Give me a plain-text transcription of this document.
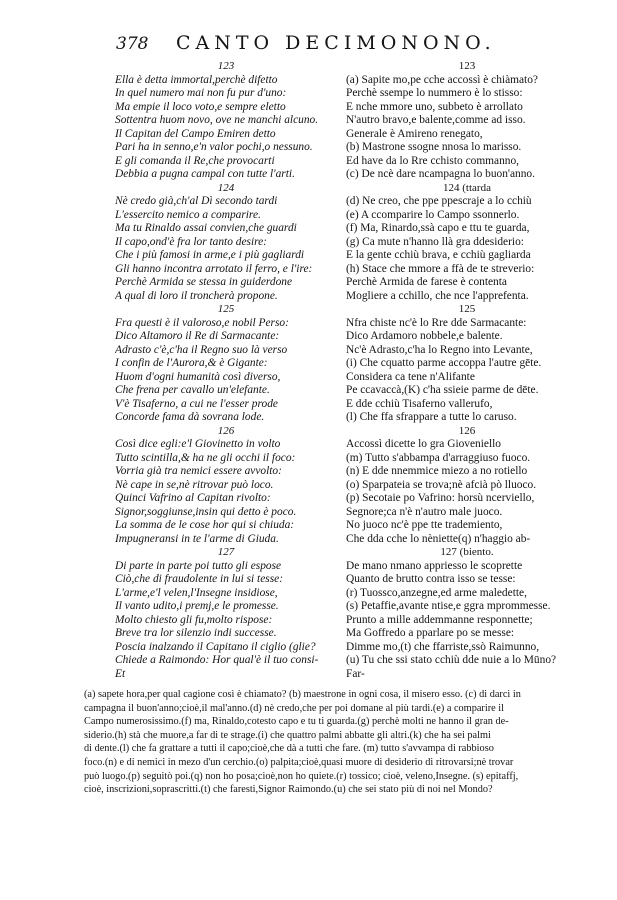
378 CANTO DECIMONONO.
123
Ella è detta immortal,perchè difetto
In quel numero mai non fu pur d'uno:
Ma empie il loco voto,e sempre eletto
Sottentra huom novo, ove ne manchi alcuno.
Il Capitan del Campo Emiren detto
Pari ha in senno,e'n valor pochi,o nessuno.
E gli comanda il Re,che provocarti
Debbia a pugna campal con tutte l'arti.
124
Nè credo già,ch'al Dì secondo tardi
L'essercito nemico a comparire.
Ma tu Rinaldo assai convien,che guardi
Il capo,ond'è fra lor tanto desire:
Che i più famosi in arme,e i più gagliardi
Gli hanno incontra arrotato il ferro, e l'ire:
Perchè Armida se stessa in guiderdone
A qual di loro il troncherà propone.
125
Fra questi è il valoroso,e nobil Perso:
Dico Altamoro il Re di Sarmacante:
Adrasto c'è,c'ha il Regno suo là verso
I confin de l'Aurora,& è Gigante:
Huom d'ogni humanità così diverso,
Che frena per cavallo un'elefante.
V'è Tisaferno, a cui ne l'esser prode
Concorde fama dà sovrana lode.
126
Così dice egli:e'l Giovinetto in volto
Tutto scintilla,& ha ne gli occhi il foco:
Vorria già tra nemici essere avvolto:
Nè cape in se,nè ritrovar può loco.
Quinci Vafrino al Capitan rivolto:
Signor,soggiunse,insin qui detto è poco.
La somma de le cose hor qui si chiuda:
Impugneransi in te l'arme di Giuda.
127
Di parte in parte poi tutto gli espose
Ciò,che di fraudolente in lui si tesse:
L'arme,e'l velen,l'Insegne insidiose,
Il vanto udito,i premj,e le promesse.
Molto chiesto gli fu,molto rispose:
Breve tra lor silenzio indi successe.
Poscia inalzando il Capitano il ciglio (glie?
Chiede a Raimondo: Hor qual'è il tuo consi-
Et
123
(a) Sapite mo,pe cche accossì è chiàmato?
Perchè ssempe lo nummero è lo stisso:
E nche mmore uno, subbeto è arrollato
N'autro bravo,e balente,comme ad isso.
Generale è Amireno renegato,
(b) Mastrone ssogne nnosa lo marisso.
Ed have da lo Rre cchisto commanno,
(c) De ncè dare ncampagna lo buon'anno.
124 (ttarda
(d) Ne creo, che ppe ppescraje a lo cchiù
(e) A ccomparire lo Campo ssonnerlo.
(f) Ma, Rinardo,ssà capo e ttu te guarda,
(g) Ca mute n'hanno llà gra ddesiderio:
E la gente cchiù brava, e cchiù gagliarda
(h) Stace che mmore a ffà de te streverio:
Perchè Armida de farese è contenta
Mogliere a cchillo, che nce l'apprefenta.
125
Nfra chiste nc'è lo Rre dde Sarmacante:
Dico Ardamoro nobbele,e balente.
Nc'è Adrasto,c'ha lo Regno into Levante,
(i) Che cquatto parme accoppa l'autre gēte.
Considera ca tene n'Alifante
Pe ccavaccà,(K) c'ha ssieie parme de dēte.
E dde cchiù Tisaferno vallerufo,
(l) Che ffa sfrappare a tutte lo caruso.
126
Accossì dicette lo gra Gioveniello
(m) Tutto s'abbampa d'arraggiuso fuoco.
(n) E dde nnemmice miezo a no rotiello
(o) Sparpateia se trova;nè afcià pò lluoco.
(p) Secotaie po Vafrino: horsù ncerviello,
Segnore;ca n'è n'autro male juoco.
No juoco nc'è ppe tte trademiento,
Che dda cche lo nèniette(q) n'haggio ab-
127 (biento.
De mano nmano appriesso le scoprette
Quanto de brutto contra isso se tesse:
(r) Tuossco,anzegne,ed arme maledette,
(s) Petaffie,avante ntise,e ggra mprommesse.
Prunto a mille addemmanne responnette;
Ma Goffredo a pparlare po se messe:
Dimme mo,(t) che ffarriste,ssò Raimunno,
(u) Tu che ssi stato cchiù dde nuie a lo Mūno?
Far-
(a) sapete hora,per qual cagione così è chiamato? (b) maestrone in ogni cosa, il misero esso. (c) di darci in
campagna il buon'anno;cioè,il mal'anno.(d) nè credo,che per poi domane al più tardi.(e) a comparire il
Campo numerosissimo.(f) ma, Rinaldo,cotesto capo e tu ti guarda.(g) perchè molti ne hanno il gran de-
siderio.(h) stà che muore,a far di te strage.(i) che quattro palmi abbatte gli altri.(k) che ha sei palmi
di dente.(l) che fa grattare a tutti il capo;cioè,che dà a tutti che fare. (m) tutto s'avvampa di rabbioso
foco.(n) e di nemici in mezo d'un cerchio.(o) palpita;cioè,quasi muore di desiderio di ritrovarsi;nè trovar
può luogo.(p) seguitò poi.(q) non ho posa;cioè,non ho quiete.(r) tossico; cioè, veleno,Insegne. (s) epitaffj,
cioè, inscrizioni,soprascritti.(t) che faresti,Signor Raimondo.(u) che sei stato più di noi nel Mondo?
